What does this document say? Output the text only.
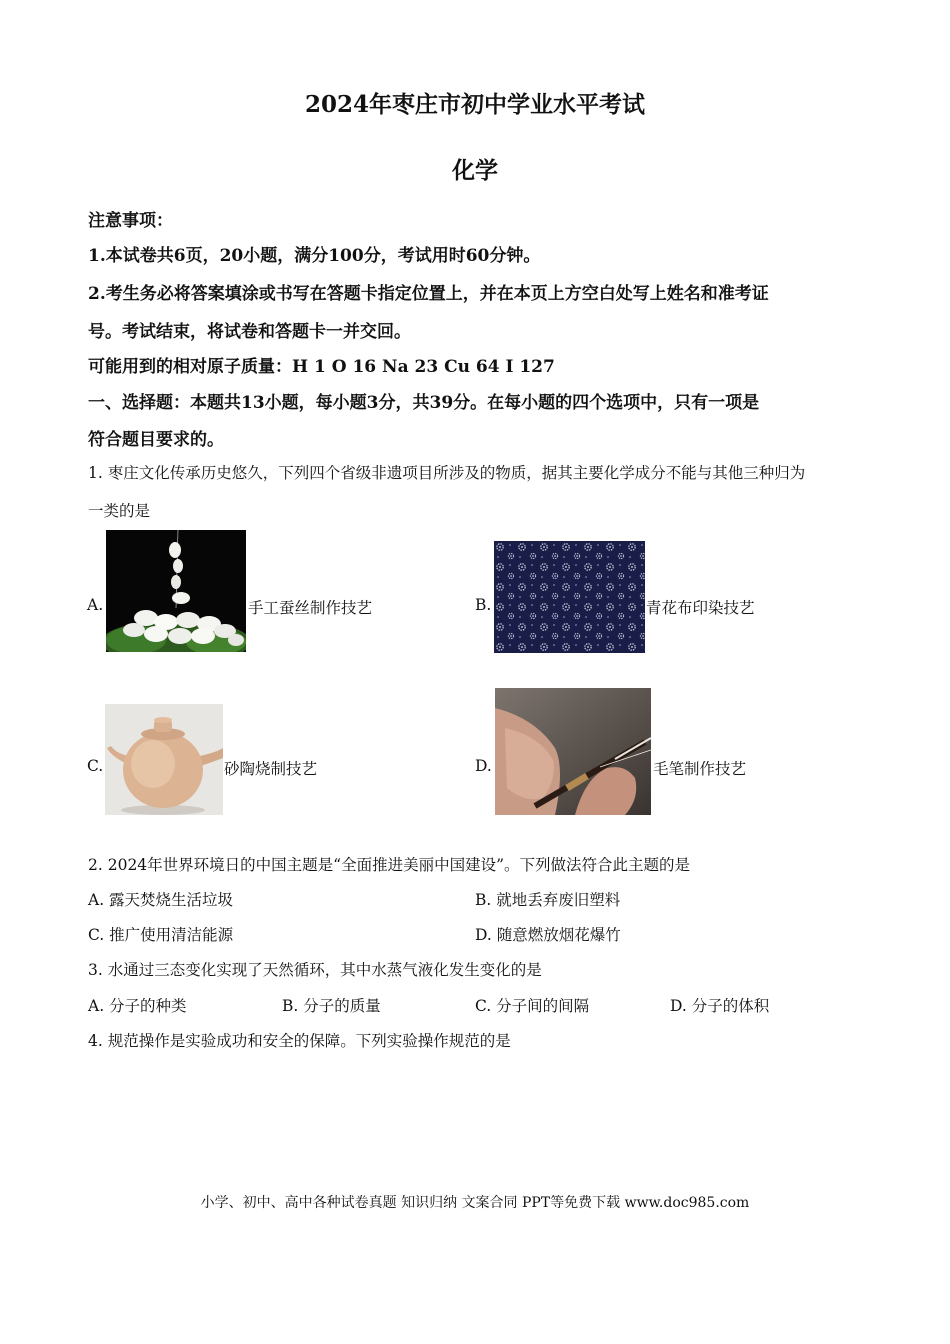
2024年枣庄市初中学业水平考试
化学
注意事项：
1.本试卷共6页，20小题，满分100分，考试用时60分钟。
2.考生务必将答案填涂或书写在答题卡指定位置上，并在本页上方空白处写上姓名和准考证
号。考试结束，将试卷和答题卡一并交回。
可能用到的相对原子质量：H 1 O 16 Na 23 Cu 64 I 127
一、选择题：本题共13小题，每小题3分，共39分。在每小题的四个选项中，只有一项是
符合题目要求的。
1. 枣庄文化传承历史悠久，下列四个省级非遗项目所涉及的物质，据其主要化学成分不能与其他三种归为
一类的是
A.	手工蚕丝制作技艺	B.	青花布印染技艺
C.	砂陶烧制技艺	D.	毛笔制作技艺
2. 2024年世界环境日的中国主题是“全面推进美丽中国建设”。下列做法符合此主题的是
A. 露天焚烧生活垃圾	B. 就地丢弃废旧塑料
C. 推广使用清洁能源	D. 随意燃放烟花爆竹
3. 水通过三态变化实现了天然循环，其中水蒸气液化发生变化的是
A. 分子的种类	B. 分子的质量	C. 分子间的间隔	D. 分子的体积
4. 规范操作是实验成功和安全的保障。下列实验操作规范的是
小学、初中、高中各种试卷真题 知识归纳 文案合同 PPT等免费下载 www.doc985.com
